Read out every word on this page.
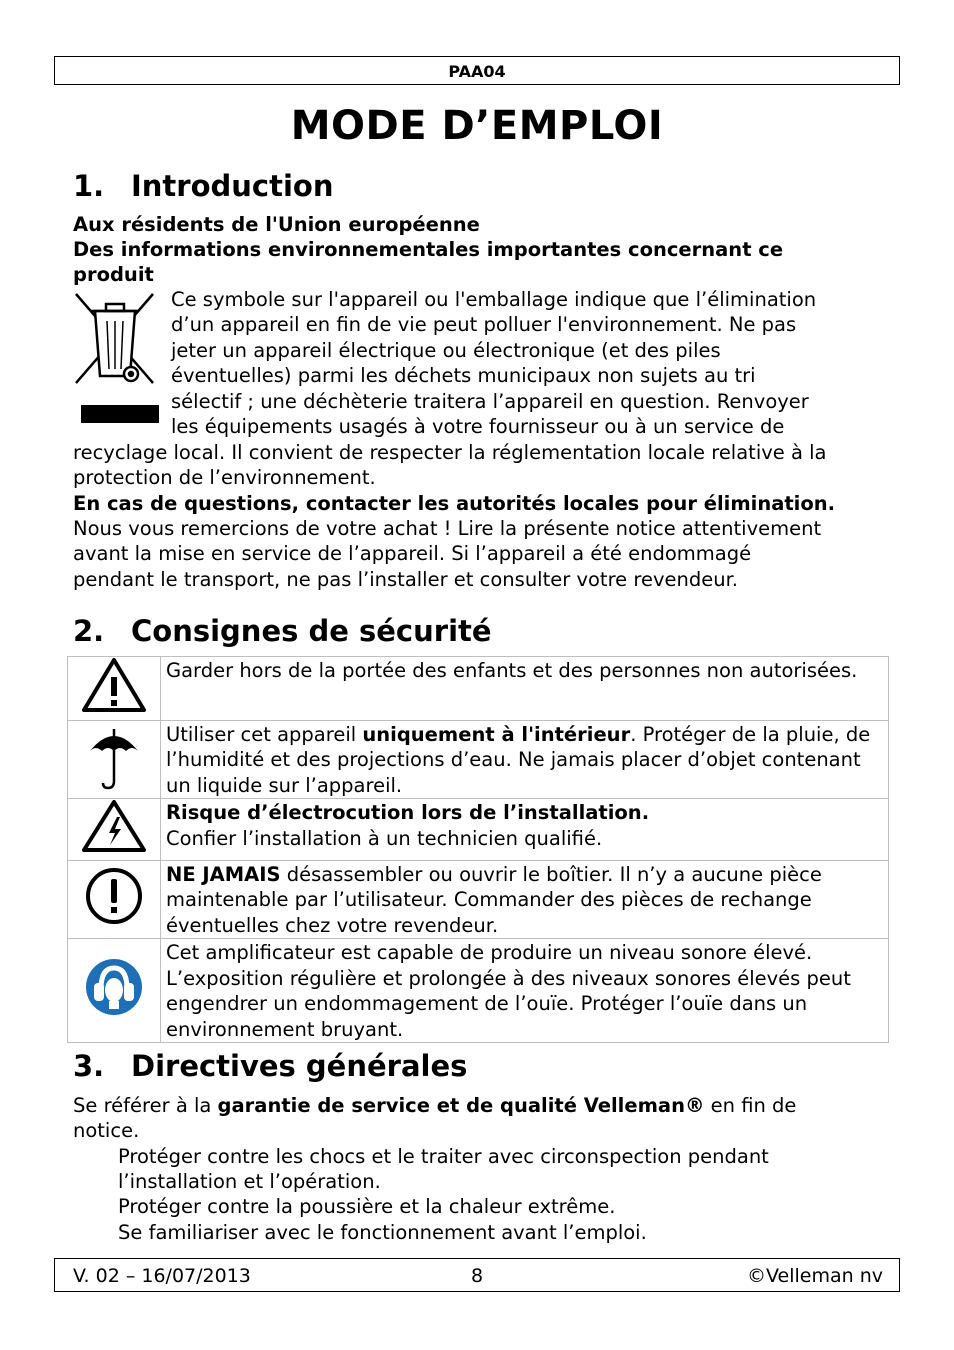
PAA04
MODE D’EMPLOI
1. Introduction
Aux résidents de l'Union européenne
Des informations environnementales importantes concernant ce
produit
Ce symbole sur l'appareil ou l'emballage indique que l’élimination
d’un appareil en fin de vie peut polluer l'environnement. Ne pas
jeter un appareil électrique ou électronique (et des piles
éventuelles) parmi les déchets municipaux non sujets au tri
sélectif ; une déchèterie traitera l’appareil en question. Renvoyer
les équipements usagés à votre fournisseur ou à un service de
recyclage local. Il convient de respecter la réglementation locale relative à la
protection de l’environnement.
En cas de questions, contacter les autorités locales pour élimination.
Nous vous remercions de votre achat ! Lire la présente notice attentivement
avant la mise en service de l’appareil. Si l’appareil a été endommagé
pendant le transport, ne pas l’installer et consulter votre revendeur.
2. Consignes de sécurité
	Garder hors de la portée des enfants et des personnes non autorisées.
	Utiliser cet appareil uniquement à l'intérieur. Protéger de la pluie, de l’humidité et des projections d’eau. Ne jamais placer d’objet contenant un liquide sur l’appareil.

Risque d’électrocution lors de l’installation.
Confier l’installation à un technicien qualifié.

	NE JAMAIS désassembler ou ouvrir le boîtier. Il n’y a aucune pièce maintenable par l’utilisateur. Commander des pièces de rechange éventuelles chez votre revendeur.
	Cet amplificateur est capable de produire un niveau sonore élevé. L’exposition régulière et prolongée à des niveaux sonores élevés peut engendrer un endommagement de l’ouïe. Protéger l’ouïe dans un environnement bruyant.
3. Directives générales
Se référer à la garantie de service et de qualité Velleman® en fin de
notice.
Protéger contre les chocs et le traiter avec circonspection pendant
l’installation et l’opération.
Protéger contre la poussière et la chaleur extrême.
Se familiariser avec le fonctionnement avant l’emploi.
V. 02 – 16/07/2013	8	©Velleman nv
